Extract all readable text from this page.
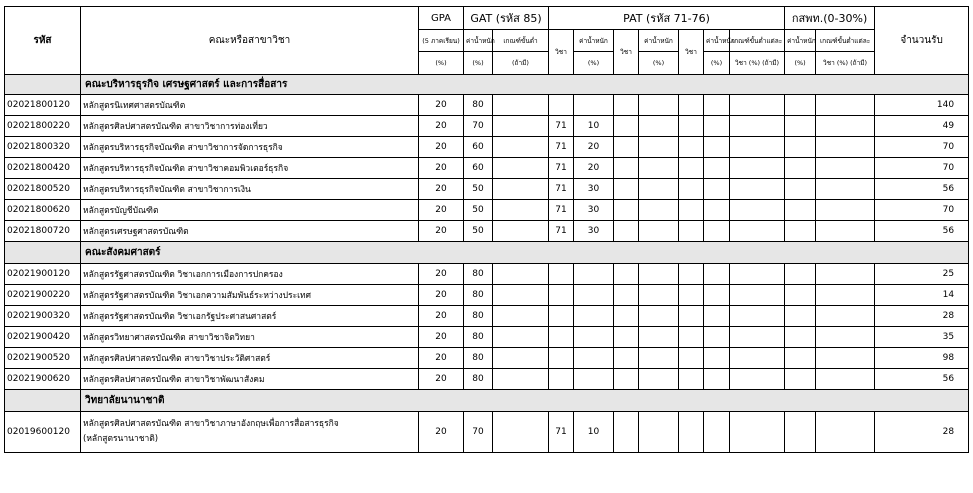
รหัส	คณะหรือสาขาวิชา	GPA	GAT (รหัส 85)		PAT (รหัส 71-76)							กสพท.(0-30%)		จำนวนรับ
		(5 ภาคเรียน)	ค่าน้ำหนัก	เกณฑ์ขั้นต่ำ	วิชา	ค่าน้ำหนัก	วิชา	ค่าน้ำหนัก	วิชา	ค่าน้ำหนัก	เกณฑ์ขั้นต่ำแต่ละ	ค่าน้ำหนัก	เกณฑ์ขั้นต่ำแต่ละ	
		(%)	(%)	(ถ้ามี)		(%)		(%)		(%)	วิชา (%) (ถ้ามี)	(%)	วิชา (%) (ถ้ามี)	
	คณะบริหารธุรกิจ เศรษฐศาสตร์ และการสื่อสาร													
02021800120	หลักสูตรนิเทศศาสตรบัณฑิต	20	80											140
02021800220	หลักสูตรศิลปศาสตรบัณฑิต สาขาวิชาการท่องเที่ยว	20	70		71	10								49
02021800320	หลักสูตรบริหารธุรกิจบัณฑิต สาขาวิชาการจัดการธุรกิจ	20	60		71	20								70
02021800420	หลักสูตรบริหารธุรกิจบัณฑิต สาขาวิชาคอมพิวเตอร์ธุรกิจ	20	60		71	20								70
02021800520	หลักสูตรบริหารธุรกิจบัณฑิต สาขาวิชาการเงิน	20	50		71	30								56
02021800620	หลักสูตรบัญชีบัณฑิต	20	50		71	30								70
02021800720	หลักสูตรเศรษฐศาสตรบัณฑิต	20	50		71	30								56
	คณะสังคมศาสตร์													
02021900120	หลักสูตรรัฐศาสตรบัณฑิต วิชาเอกการเมืองการปกครอง	20	80											25
02021900220	หลักสูตรรัฐศาสตรบัณฑิต วิชาเอกความสัมพันธ์ระหว่างประเทศ	20	80											14
02021900320	หลักสูตรรัฐศาสตรบัณฑิต วิชาเอกรัฐประศาสนศาสตร์	20	80											28
02021900420	หลักสูตรวิทยาศาสตรบัณฑิต สาขาวิชาจิตวิทยา	20	80											35
02021900520	หลักสูตรศิลปศาสตรบัณฑิต สาขาวิชาประวัติศาสตร์	20	80											98
02021900620	หลักสูตรศิลปศาสตรบัณฑิต สาขาวิชาพัฒนาสังคม	20	80											56
	วิทยาลัยนานาชาติ													
02019600120	หลักสูตรศิลปศาสตรบัณฑิต สาขาวิชาภาษาอังกฤษเพื่อการสื่อสารธุรกิจ
(หลักสูตรนานาชาติ)	20	70		71	10								28
